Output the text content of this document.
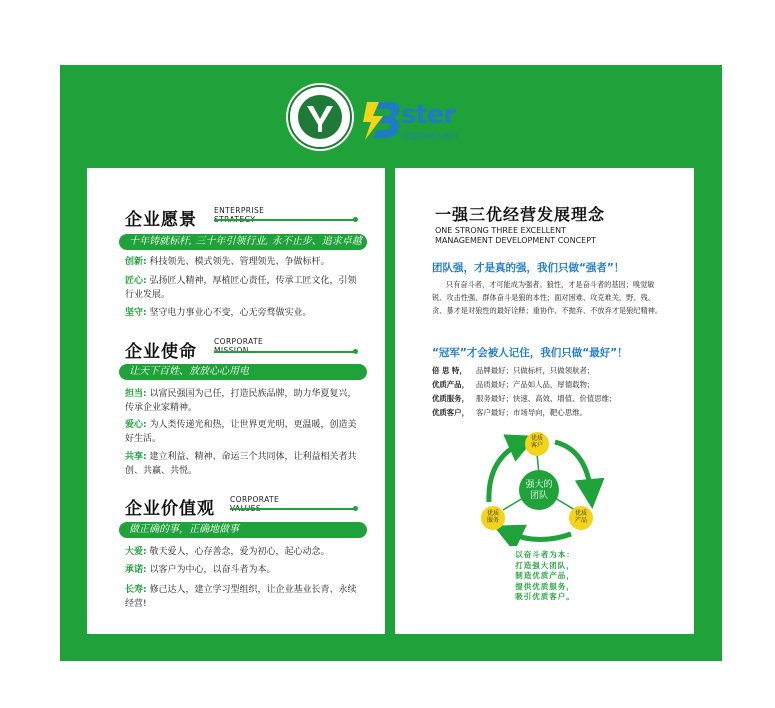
ster
倍思特电力电气
企业愿景 ENTERPRISE
十年铸就标杆, 三十年引领行业, 永不止步、追求卓越
创新: 科技领先、模式领先、管理领先、争做标杆。
匠心: 弘扬匠人精神，厚植匠心责任，传承工匠文化，引领行业发展。
坚守: 坚守电力事业心不变，心无旁骛做实业。
企业使命
CORPORATE
让天下百姓、放放心心用电
担当: 以富民强国为己任，打造民族品牌，助力华夏复兴，传承企业家精神。
爱心: 为人类传递光和热，让世界更光明、更温暖，创造美好生活。
共享: 建立利益、精神、命运三个共同体，让利益相关者共创、共赢、共悦。
企业价值观 CORPORATE
做正确的事，正确地做事
大爱: 敬天爱人，心存善念，爱为初心，起心动念。
承诺: 以客户为中心，以奋斗者为本。
长寿: 修己达人，建立学习型组织，让企业基业长青、永续经营!
一强三优经营发展理念
ONE STRONG THREE EXCELLENT
MANAGEMENT DEVELOPMENT CONCEPT
团队强，才是真的强，我们只做“强者”！
只有奋斗者，才可能成为强者。狼性，才是奋斗者的基因；嗅觉敏锐、攻击性强、群体奋斗是狼的本性；面对困难、攻克难关，野、残、贪、暴才是对狼性的最好诠释；重协作、不抛弃、不放弃才是狼纪精神。
“冠军”才会被人记住，我们只做“最好”！
倍 思 特， 品牌最好；只做标杆，只做领航者；
优质产品， 品质最好；产品如人品，厚德载物；
优质服务， 服务最好；快速、高效、增值、价值思维；
优质客户， 客户最好；市场导向，靶心思维。
强大的
团队
优质
客户
优质
服务
优质
产品
以奋斗者为本：
打造强大团队，
制造优质产品，
提供优质服务，
吸引优质客户。
